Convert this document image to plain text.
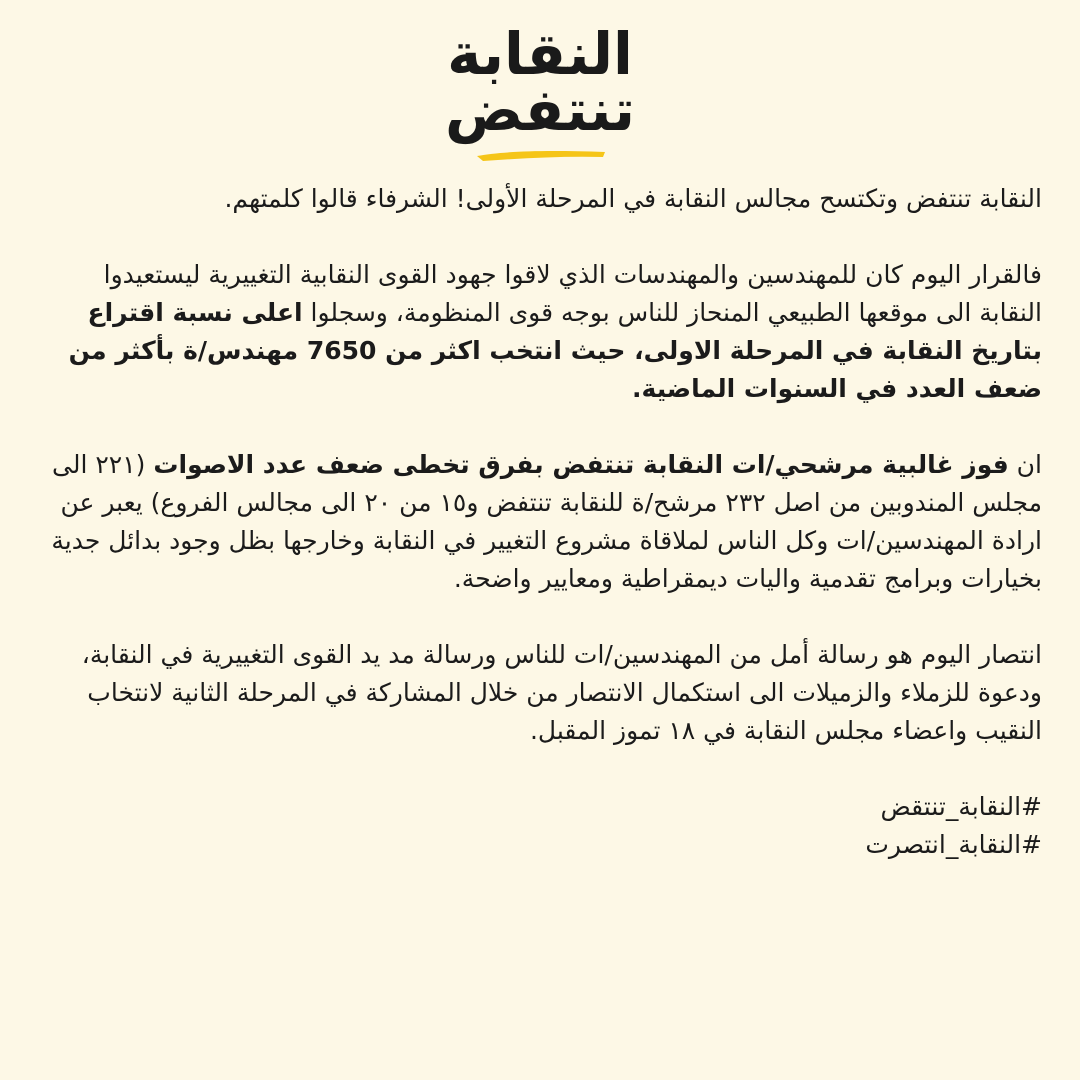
النقابة
تنتفض

النقابة تنتفض وتكتسح مجالس النقابة في المرحلة الأولى! الشرفاء قالوا كلمتهم.

فالقرار اليوم كان للمهندسين والمهندسات الذي لاقوا جهود القوى النقابية التغييرية ليستعيدوا النقابة الى موقعها الطبيعي المنحاز للناس بوجه قوى المنظومة، وسجلوا اعلى نسبة اقتراع بتاريخ النقابة في المرحلة الاولى، حيث انتخب اكثر من 7650 مهندس/ة بأكثر من ضعف العدد في السنوات الماضية.

ان فوز غالبية مرشحي/ات النقابة تنتفض بفرق تخطى ضعف عدد الاصوات (٢٢١ الى مجلس المندوبين من اصل ٢٣٢ مرشح/ة للنقابة تنتفض و١٥ من ٢٠ الى مجالس الفروع) يعبر عن ارادة المهندسين/ات وكل الناس لملاقاة مشروع التغيير في النقابة وخارجها بظل وجود بدائل جدية بخيارات وبرامج تقدمية واليات ديمقراطية ومعايير واضحة.

انتصار اليوم هو رسالة أمل من المهندسين/ات للناس ورسالة مد يد القوى التغييرية في النقابة، ودعوة للزملاء والزميلات الى استكمال الانتصار من خلال المشاركة في المرحلة الثانية لانتخاب النقيب واعضاء مجلس النقابة في ١٨ تموز المقبل.

#النقابة_تنتقض
#النقابة_انتصرت
